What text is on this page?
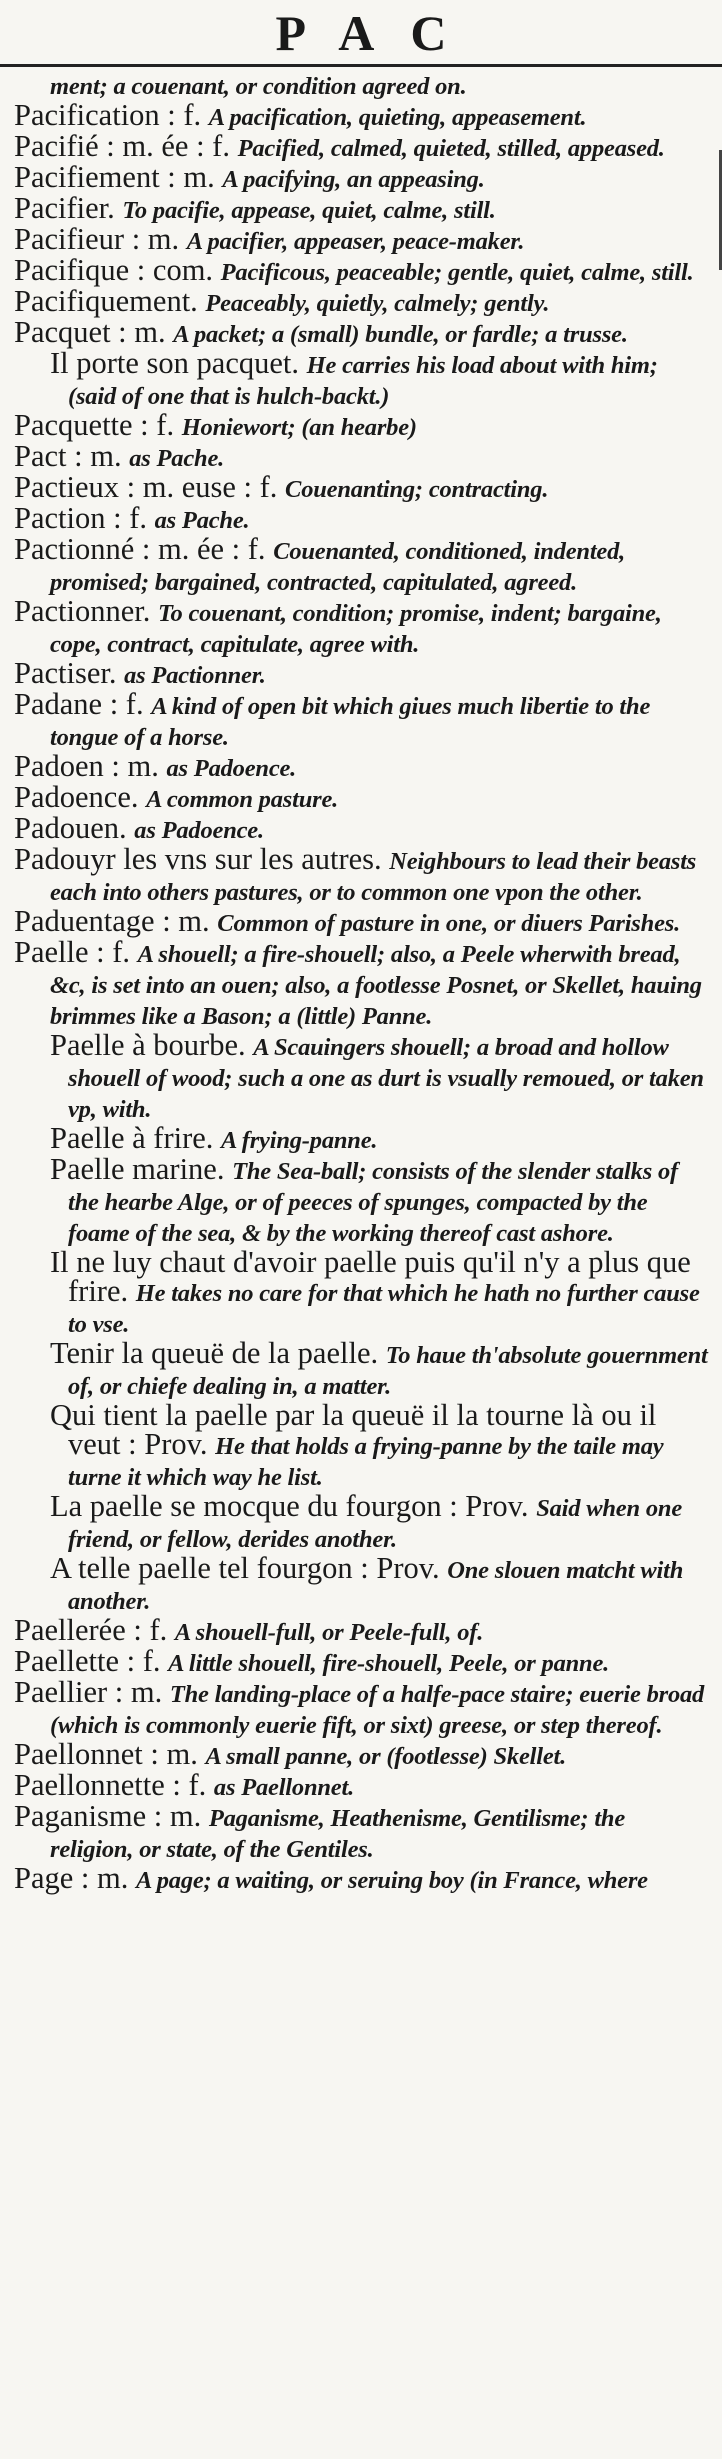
PAC

ment; a couenant, or condition agreed on.

Pacification : f. A pacification, quieting, appeasement.

Pacifié : m. ée : f. Pacified, calmed, quieted, stilled, appeased.

Pacifiement : m. A pacifying, an appeasing.

Pacifier. To pacifie, appease, quiet, calme, still.

Pacifieur : m. A pacifier, appeaser, peace-maker.

Pacifique : com. Pacificous, peaceable; gentle, quiet, calme, still.

Pacifiquement. Peaceably, quietly, calmely; gently.

Pacquet : m. A packet; a (small) bundle, or fardle; a trusse.

Il porte son pacquet. He carries his load about with him; (said of one that is hulch-backt.)

Pacquette : f. Honiewort; (an hearbe)

Pact : m. as Pache.

Pactieux : m. euse : f. Couenanting; contracting.

Paction : f. as Pache.

Pactionné : m. ée : f. Couenanted, conditioned, indented, promised; bargained, contracted, capitulated, agreed.

Pactionner. To couenant, condition; promise, indent; bargaine, cope, contract, capitulate, agree with.

Pactiser. as Pactionner.

Padane : f. A kind of open bit which giues much libertie to the tongue of a horse.

Padoen : m. as Padoence.

Padoence. A common pasture.

Padouen. as Padoence.

Padouyr les vns sur les autres. Neighbours to lead their beasts each into others pastures, or to common one vpon the other.

Paduentage : m. Common of pasture in one, or diuers Parishes.

Paelle : f. A shouell; a fire-shouell; also, a Peele wherwith bread, &c, is set into an ouen; also, a footlesse Posnet, or Skellet, hauing brimmes like a Bason; a (little) Panne.

Paelle à bourbe. A Scauingers shouell; a broad and hollow shouell of wood; such a one as durt is vsually remoued, or taken vp, with.

Paelle à frire. A frying-panne.

Paelle marine. The Sea-ball; consists of the slender stalks of the hearbe Alge, or of peeces of spunges, compacted by the foame of the sea, & by the working thereof cast ashore.

Il ne luy chaut d'avoir paelle puis qu'il n'y a plus que frire. He takes no care for that which he hath no further cause to vse.

Tenir la queuë de la paelle. To haue th'absolute gouernment of, or chiefe dealing in, a matter.

Qui tient la paelle par la queuë il la tourne là ou il veut : Prov. He that holds a frying-panne by the taile may turne it which way he list.

La paelle se mocque du fourgon : Prov. Said when one friend, or fellow, derides another.

A telle paelle tel fourgon : Prov. One slouen matcht with another.

Paellerée : f. A shouell-full, or Peele-full, of.

Paellette : f. A little shouell, fire-shouell, Peele, or panne.

Paellier : m. The landing-place of a halfe-pace staire; euerie broad (which is commonly euerie fift, or sixt) greese, or step thereof.

Paellonnet : m. A small panne, or (footlesse) Skellet.

Paellonnette : f. as Paellonnet.

Paganisme : m. Paganisme, Heathenisme, Gentilisme; the religion, or state, of the Gentiles.

Page : m. A page; a waiting, or seruing boy (in France, where
